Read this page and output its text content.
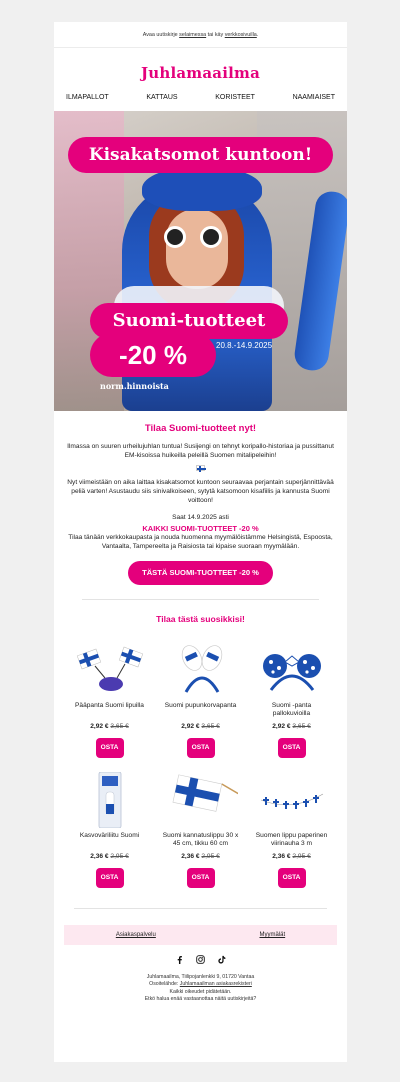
Avaa uutiskirje selaimessa tai käy verkkosivuilla.
Juhlamaailma
ILMAPALLOT	KATTAUS	KORISTEET	NAAMIAISET
Kisakatsomot kuntoon!
Suomi-tuotteet
-20 %	20.8.-14.9.2025
norm.hinnoista
Tilaa Suomi-tuotteet nyt!

Ilmassa on suuren urheilujuhlan tuntua! Susijengi on tehnyt koripallo-historiaa ja pussittanut EM-kisoissa huikeilla peleillä Suomen mitalipeleihin!

Nyt viimeistään on aika laittaa kisakatsomot kuntoon seuraavaa perjantain superjännittävää peliä varten! Asustaudu siis sinivalkoiseen, sytytä katsomoon kisafiilis ja kannusta Suomi voittoon!

Saat 14.9.2025 asti

KAIKKI SUOMI-TUOTTEET -20 %

Tilaa tänään verkkokaupasta ja nouda huomenna myymälöistämme Helsingistä, Espoosta, Vantaalta, Tampereelta ja Raisiosta tai kipaise suoraan myymälään.

TÄSTÄ SUOMI-TUOTTEET -20 %
Tilaa tästä suosikkisi!
Pääpanta Suomi lipuilla
2,92 € 3,65 €
OSTA
Suomi pupunkorvapanta
2,92 € 3,65 €
OSTA
Suomi -panta pallokuvioilla
2,92 € 3,65 €
OSTA
Kasvoväriliitu Suomi
2,36 € 2,95 €
OSTA
Suomi kannatuslippu 30 x 45 cm, tikku 60 cm
2,36 € 2,95 €
OSTA
Suomen lippu paperinen viirinauha 3 m
2,36 € 2,95 €
OSTA
Asiakaspalvelu	Myymälät
Juhlamaailma, Tiilipojanlenkki 9, 01720 Vantaa
Osoitelähde: Juhlamaailman asiakasrekisteri
Kaikki oikeudet pidätetään.
Etkö halua enää vastaanottaa näitä uutiskirjeitä?
